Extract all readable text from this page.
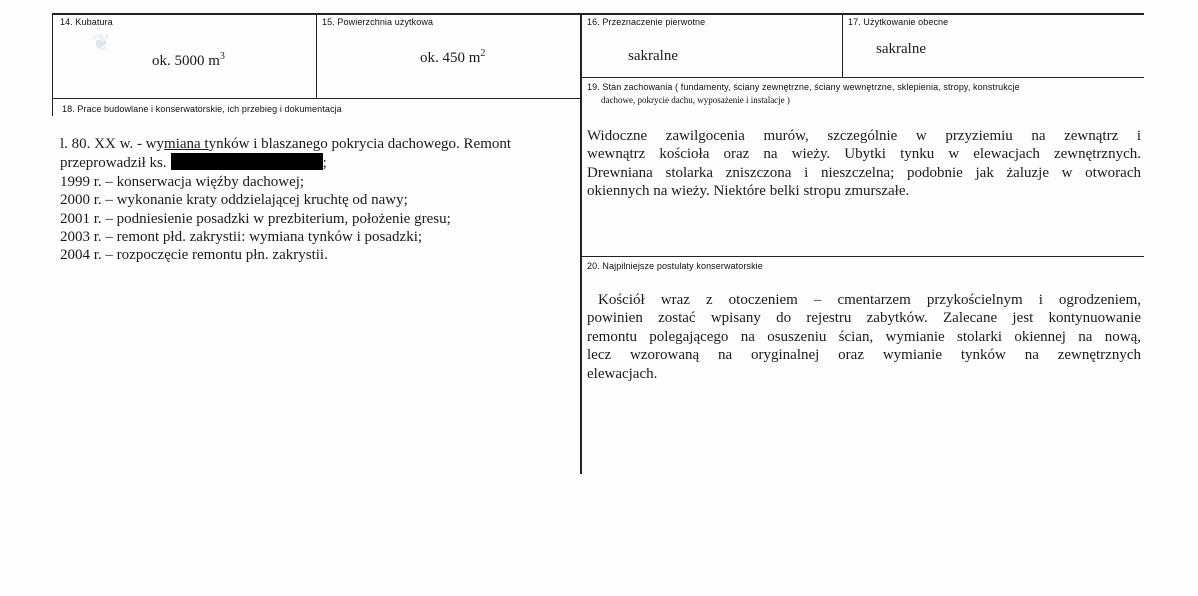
❦
14. Kubatura
ok. 5000 $m^3$
15. Powierzchnia użytkowa
ok. 450 $m^2$
16. Przeznaczenie pierwotne
sakralne
17. Użytkowanie obecne
sakralne
18. Prace budowlane i konserwatorskie, ich przebieg i dokumentacja
l. 80. XX w. - wymiana tynków i blaszanego pokrycia dachowego. Remont
przeprowadził ks.	;
1999 r. – konserwacja więźby dachowej;
2000 r. – wykonanie kraty oddzielającej kruchtę od nawy;
2001 r. – podniesienie posadzki w prezbiterium, położenie gresu;
2003 r. – remont płd. zakrystii: wymiana tynków i posadzki;
2004 r. – rozpoczęcie remontu płn. zakrystii.
19. Stan zachowania ( fundamenty, ściany zewnętrzne, ściany wewnętrzne, sklepienia, stropy, konstrukcje
dachowe, pokrycie dachu, wyposażenie i instalacje )
Widoczne zawilgocenia murów, szczególnie w przyziemiu na zewnątrz i
wewnątrz kościoła oraz na wieży. Ubytki tynku w elewacjach zewnętrznych.
Drewniana stolarka zniszczona i nieszczelna; podobnie jak żaluzje w otworach
okiennych na wieży. Niektóre belki stropu zmurszałe.
20. Najpilniejsze postulaty konserwatorskie
Kościół wraz z otoczeniem – cmentarzem przykościelnym i ogrodzeniem,
powinien zostać wpisany do rejestru zabytków. Zalecane jest kontynuowanie
remontu polegającego na osuszeniu ścian, wymianie stolarki okiennej na nową,
lecz wzorowaną na oryginalnej oraz wymianie tynków na zewnętrznych
elewacjach.
